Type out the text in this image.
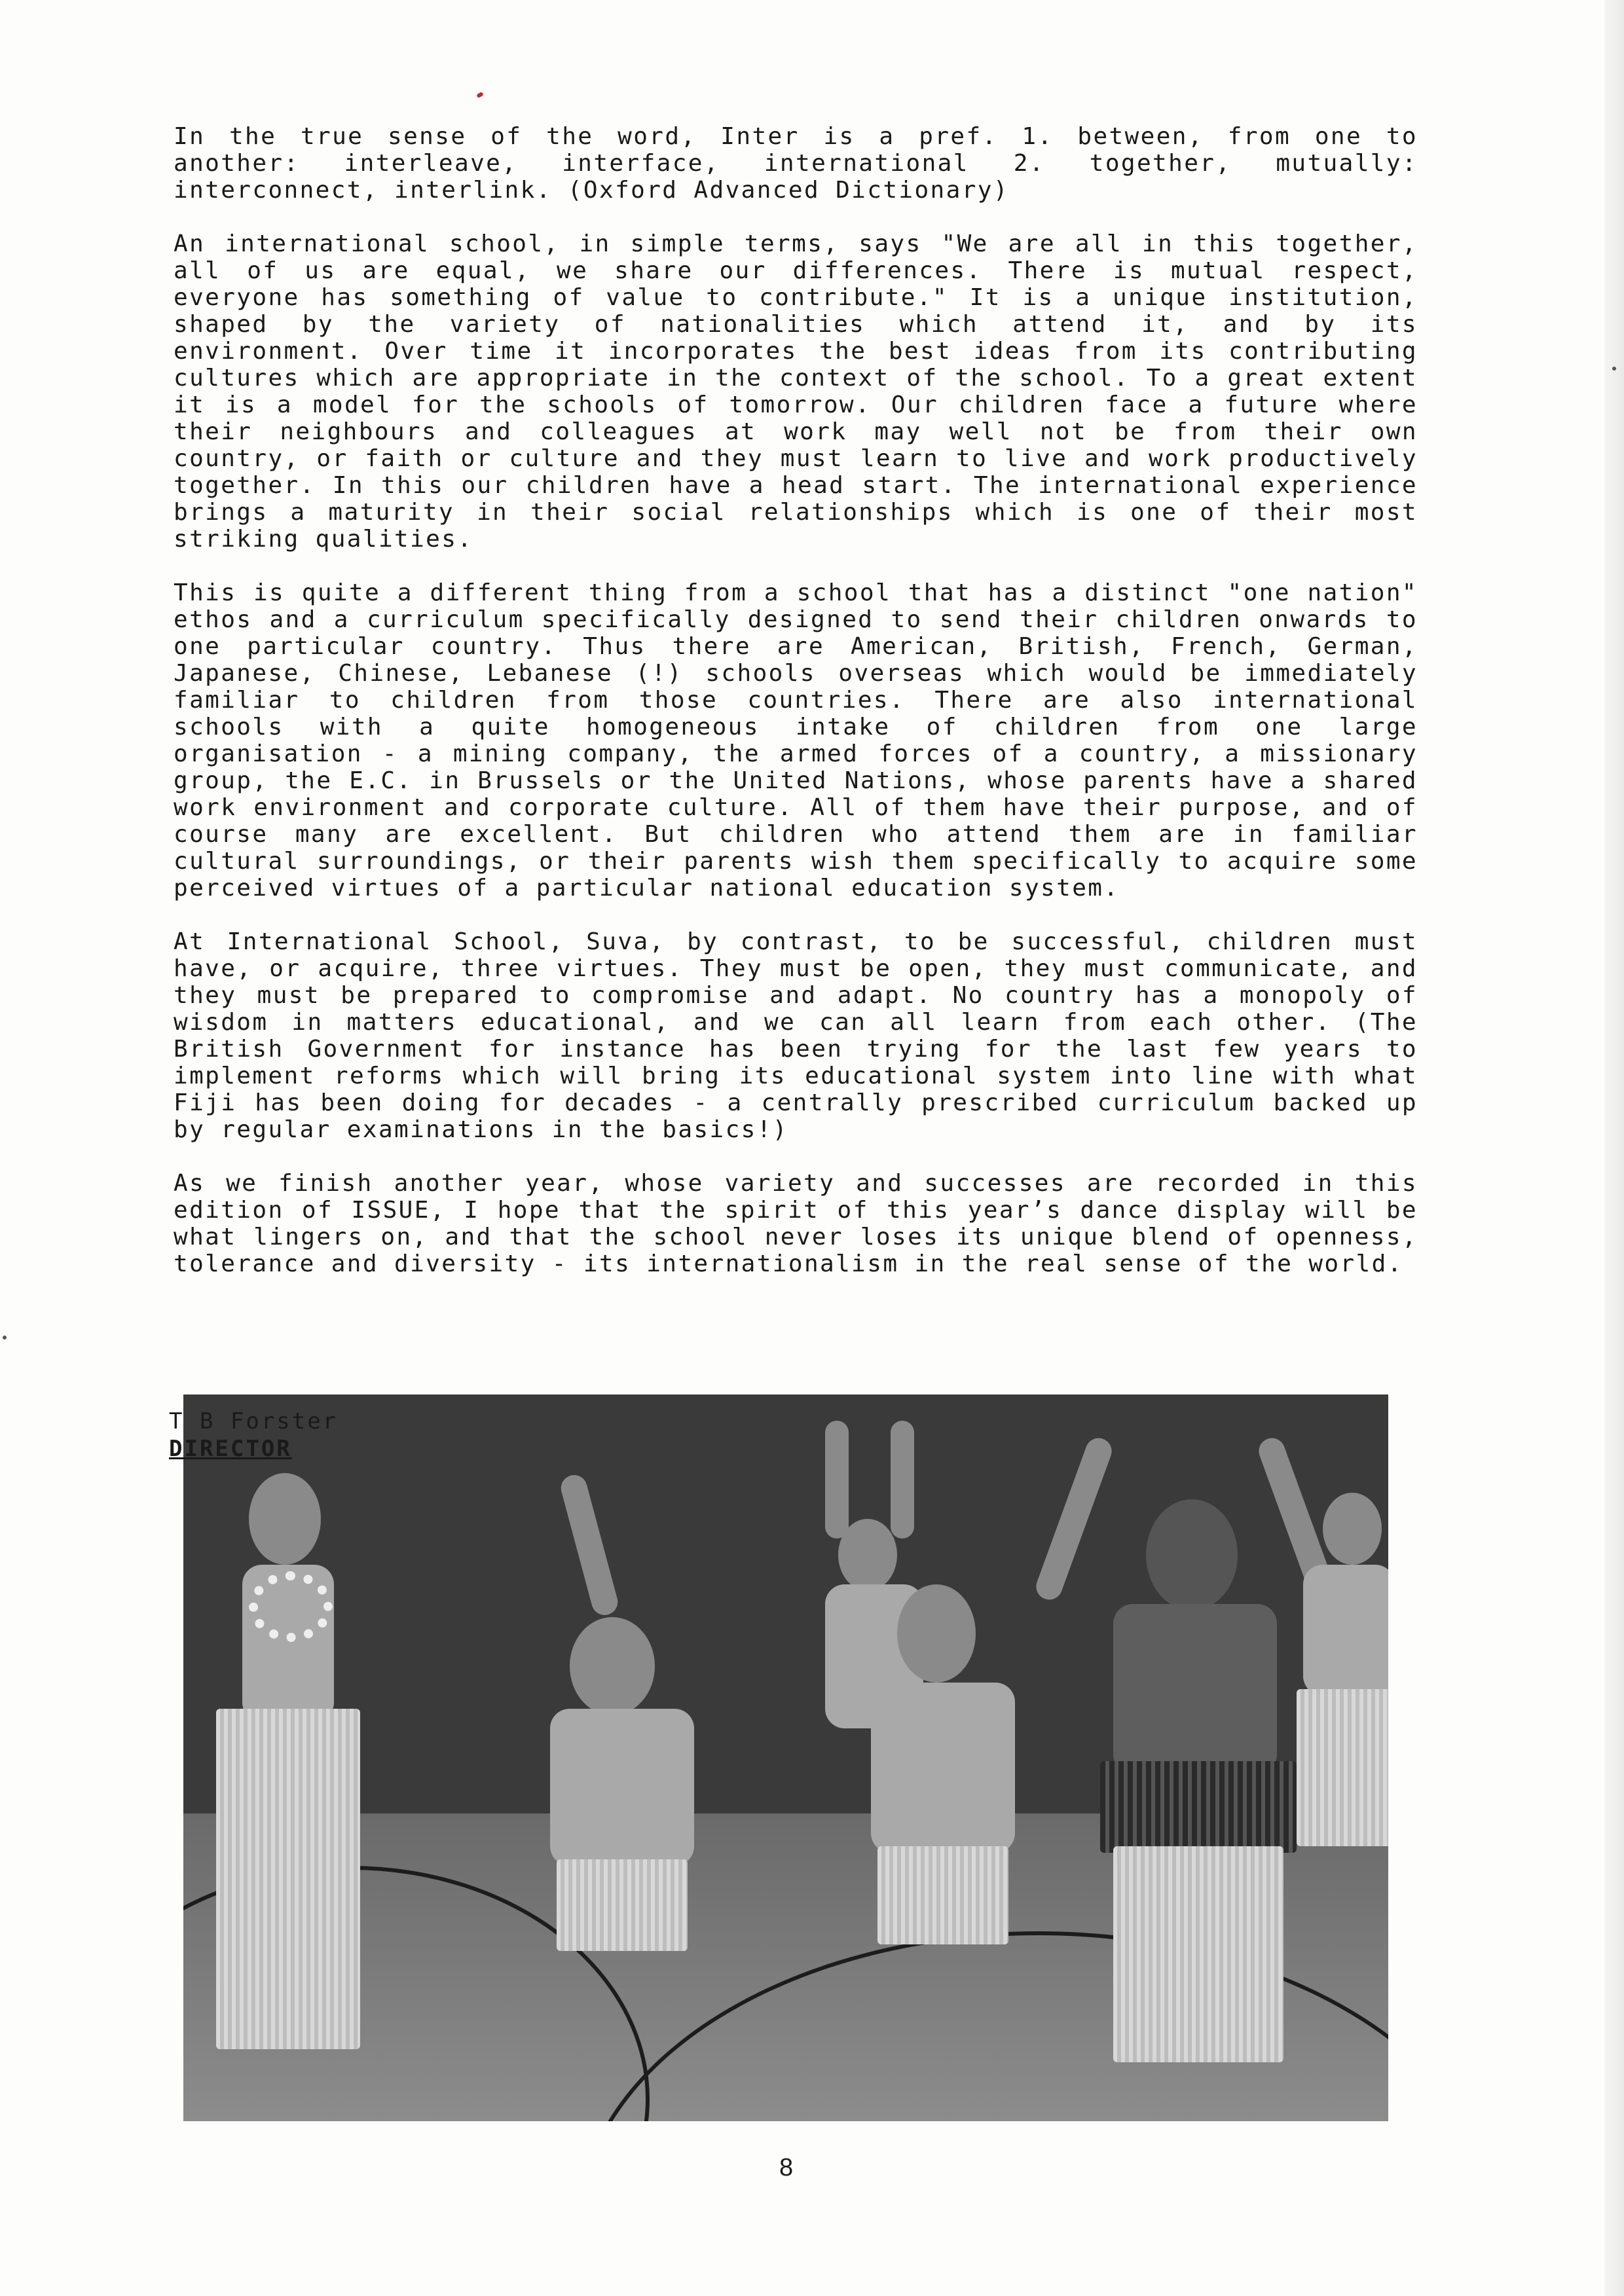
In the true sense of the word, Inter is a pref. 1. between, from one to another: interleave, interface, international 2. together, mutually: interconnect, interlink. (Oxford Advanced Dictionary)

An international school, in simple terms, says "We are all in this together, all of us are equal, we share our differences. There is mutual respect, everyone has something of value to contribute." It is a unique institution, shaped by the variety of nationalities which attend it, and by its environment. Over time it incorporates the best ideas from its contributing cultures which are appropriate in the context of the school. To a great extent it is a model for the schools of tomorrow. Our children face a future where their neighbours and colleagues at work may well not be from their own country, or faith or culture and they must learn to live and work productively together. In this our children have a head start. The international experience brings a maturity in their social relationships which is one of their most striking qualities.

This is quite a different thing from a school that has a distinct "one nation" ethos and a curriculum specifically designed to send their children onwards to one particular country. Thus there are American, British, French, German, Japanese, Chinese, Lebanese (!) schools overseas which would be immediately familiar to children from those countries. There are also international schools with a quite homogeneous intake of children from one large organisation - a mining company, the armed forces of a country, a missionary group, the E.C. in Brussels or the United Nations, whose parents have a shared work environment and corporate culture. All of them have their purpose, and of course many are excellent. But children who attend them are in familiar cultural surroundings, or their parents wish them specifically to acquire some perceived virtues of a particular national education system.

At International School, Suva, by contrast, to be successful, children must have, or acquire, three virtues. They must be open, they must communicate, and they must be prepared to compromise and adapt. No country has a monopoly of wisdom in matters educational, and we can all learn from each other. (The British Government for instance has been trying for the last few years to implement reforms which will bring its educational system into line with what Fiji has been doing for decades - a centrally prescribed curriculum backed up by regular examinations in the basics!)

As we finish another year, whose variety and successes are recorded in this edition of ISSUE, I hope that the spirit of this year’s dance display will be what lingers on, and that the school never loses its unique blend of openness, tolerance and diversity - its internationalism in the real sense of the world.

T B Forster
DIRECTOR
8
